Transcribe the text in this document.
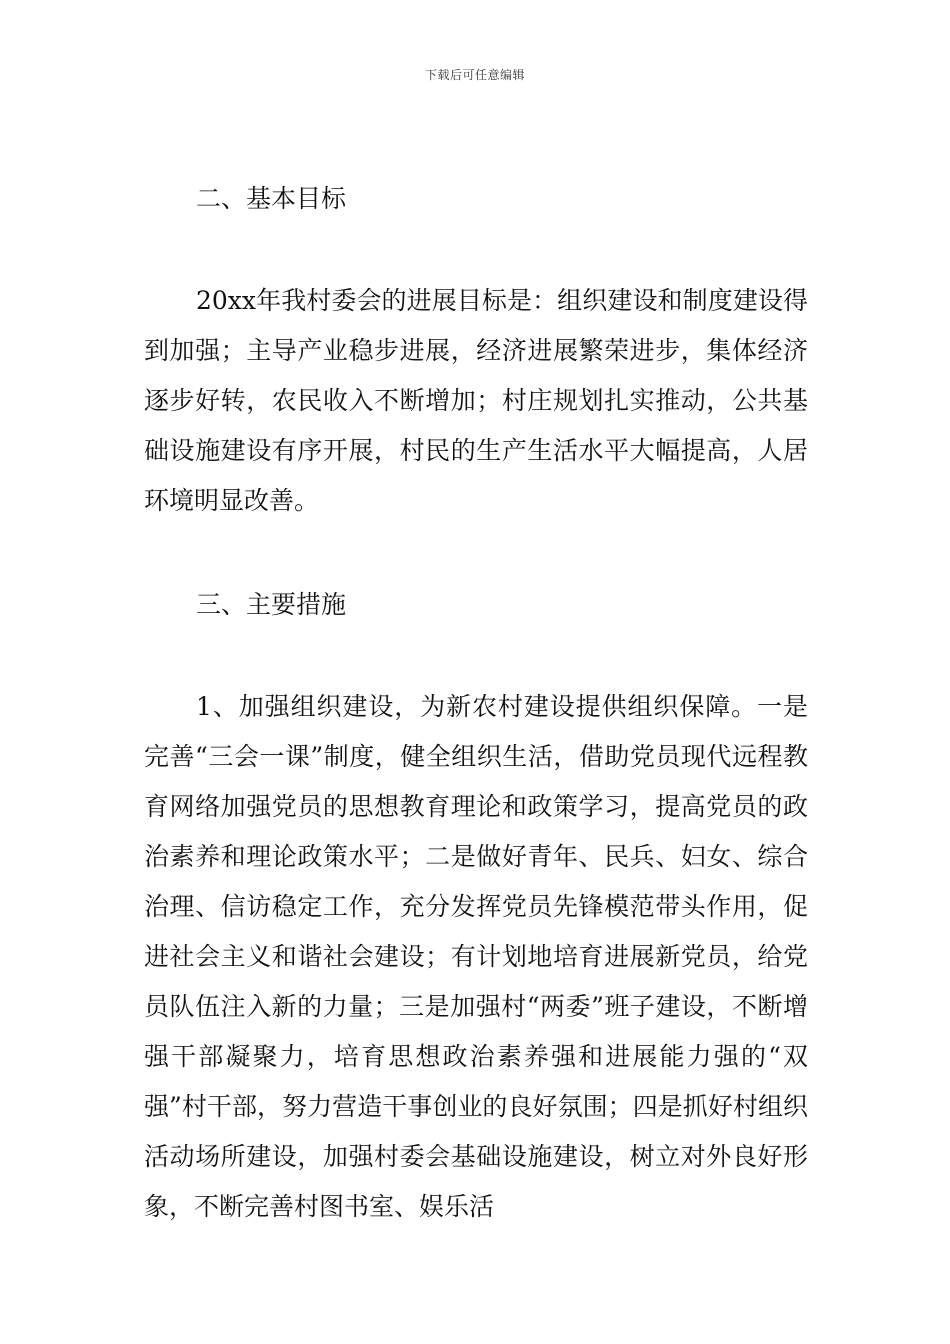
下载后可任意编辑

二、基本目标

20xx年我村委会的进展目标是：组织建设和制度建设得到加强；主导产业稳步进展，经济进展繁荣进步，集体经济逐步好转，农民收入不断增加；村庄规划扎实推动，公共基础设施建设有序开展，村民的生产生活水平大幅提高，人居环境明显改善。

三、主要措施

1、加强组织建设，为新农村建设提供组织保障。一是完善“三会一课”制度，健全组织生活，借助党员现代远程教育网络加强党员的思想教育理论和政策学习，提高党员的政治素养和理论政策水平；二是做好青年、民兵、妇女、综合治理、信访稳定工作，充分发挥党员先锋模范带头作用，促进社会主义和谐社会建设；有计划地培育进展新党员，给党员队伍注入新的力量；三是加强村“两委”班子建设，不断增强干部凝聚力，培育思想政治素养强和进展能力强的“双强”村干部，努力营造干事创业的良好氛围；四是抓好村组织活动场所建设，加强村委会基础设施建设，树立对外良好形象，不断完善村图书室、娱乐活
